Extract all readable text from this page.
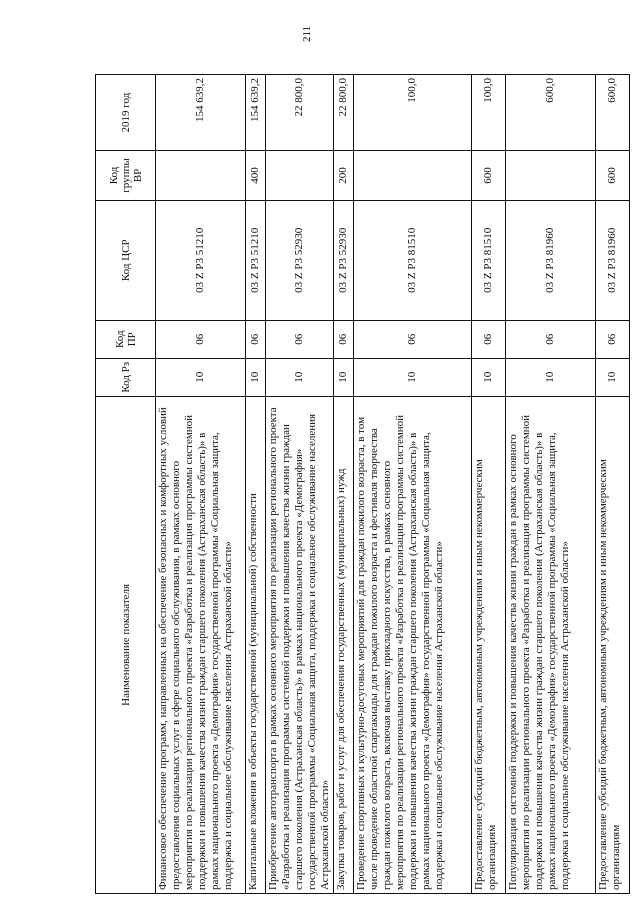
211
Наименование показателя	Код Рз	Код ПР	Код ЦСР	Код группы ВР	2019 год
Финансовое обеспечение программ, направленных на обеспечение безопасных и комфортных условий предоставления социальных услуг в сфере социального обслуживания, в рамках основного мероприятия по реализации регионального проекта «Разработка и реализация программы системной поддержки и повышения качества жизни граждан старшего поколения (Астраханская область)» в рамках национального проекта «Демография» государственной программы «Социальная защита, поддержка и социальное обслуживание населения Астраханской области»	10	06	03 Z P3 51210		154 639,2
Капитальные вложения в объекты государственной (муниципальной) собственности	10	06	03 Z P3 51210	400	154 639,2
Приобретение автотранспорта в рамках основного мероприятия по реализации регионального проекта «Разработка и реализация программы системной поддержки и повышения качества жизни граждан старшего поколения (Астраханская область)» в рамках национального проекта «Демография» государственной программы «Социальная защита, поддержка и социальное обслуживание населения Астраханской области»	10	06	03 Z P3 52930		22 800,0
Закупка товаров, работ и услуг для обеспечения государственных (муниципальных) нужд	10	06	03 Z P3 52930	200	22 800,0
Проведение спортивных и культурно-досуговых мероприятий для граждан пожилого возраста, в том числе проведение областной спартакиады для граждан пожилого возраста и фестиваля творчества граждан пожилого возраста, включая выставку прикладного искусства, в рамках основного мероприятия по реализации регионального проекта «Разработка и реализация программы системной поддержки и повышения качества жизни граждан старшего поколения (Астраханская область)» в рамках национального проекта «Демография» государственной программы «Социальная защита, поддержка и социальное обслуживание населения Астраханской области»	10	06	03 Z P3 81510		100,0
Предоставление субсидий бюджетным, автономным учреждениям и иным некоммерческим организациям	10	06	03 Z P3 81510	600	100,0
Популяризация системной поддержки и повышения качества жизни граждан в рамках основного мероприятия по реализации регионального проекта «Разработка и реализация программы системной поддержки и повышения качества жизни граждан старшего поколения (Астраханская область)» в рамках национального проекта «Демография» государственной программы «Социальная защита, поддержка и социальное обслуживание населения Астраханской области»	10	06	03 Z P3 81960		600,0
Предоставление субсидий бюджетным, автономным учреждениям и иным некоммерческим организациям	10	06	03 Z P3 81960	600	600,0
